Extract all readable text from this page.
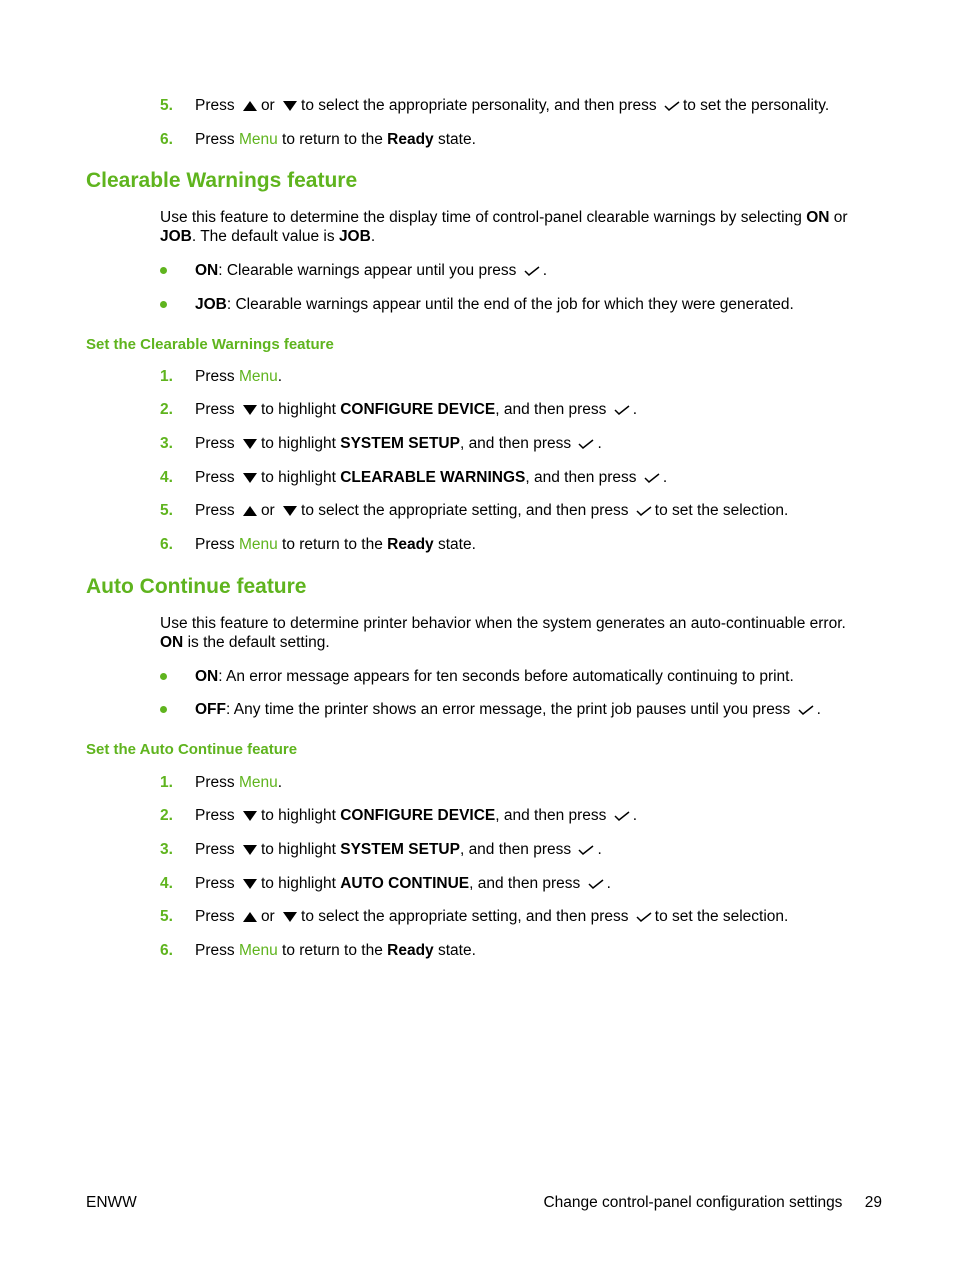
5.	Press or to select the appropriate personality, and then press to set the personality.
6.	Press Menu to return to the Ready state.
Clearable Warnings feature
Use this feature to determine the display time of control-panel clearable warnings by selecting ON or JOB. The default value is JOB.
ON: Clearable warnings appear until you press .
JOB: Clearable warnings appear until the end of the job for which they were generated.
Set the Clearable Warnings feature
1.	Press Menu.
2.	Press to highlight CONFIGURE DEVICE, and then press .
3.	Press to highlight SYSTEM SETUP, and then press .
4.	Press to highlight CLEARABLE WARNINGS, and then press .
5.	Press or to select the appropriate setting, and then press to set the selection.
6.	Press Menu to return to the Ready state.
Auto Continue feature
Use this feature to determine printer behavior when the system generates an auto-continuable error.
ON is the default setting.
ON: An error message appears for ten seconds before automatically continuing to print.
OFF: Any time the printer shows an error message, the print job pauses until you press .
Set the Auto Continue feature
1.	Press Menu.
2.	Press to highlight CONFIGURE DEVICE, and then press .
3.	Press to highlight SYSTEM SETUP, and then press .
4.	Press to highlight AUTO CONTINUE, and then press .
5.	Press or to select the appropriate setting, and then press to set the selection.
6.	Press Menu to return to the Ready state.
ENWW	Change control-panel configuration settings 29
